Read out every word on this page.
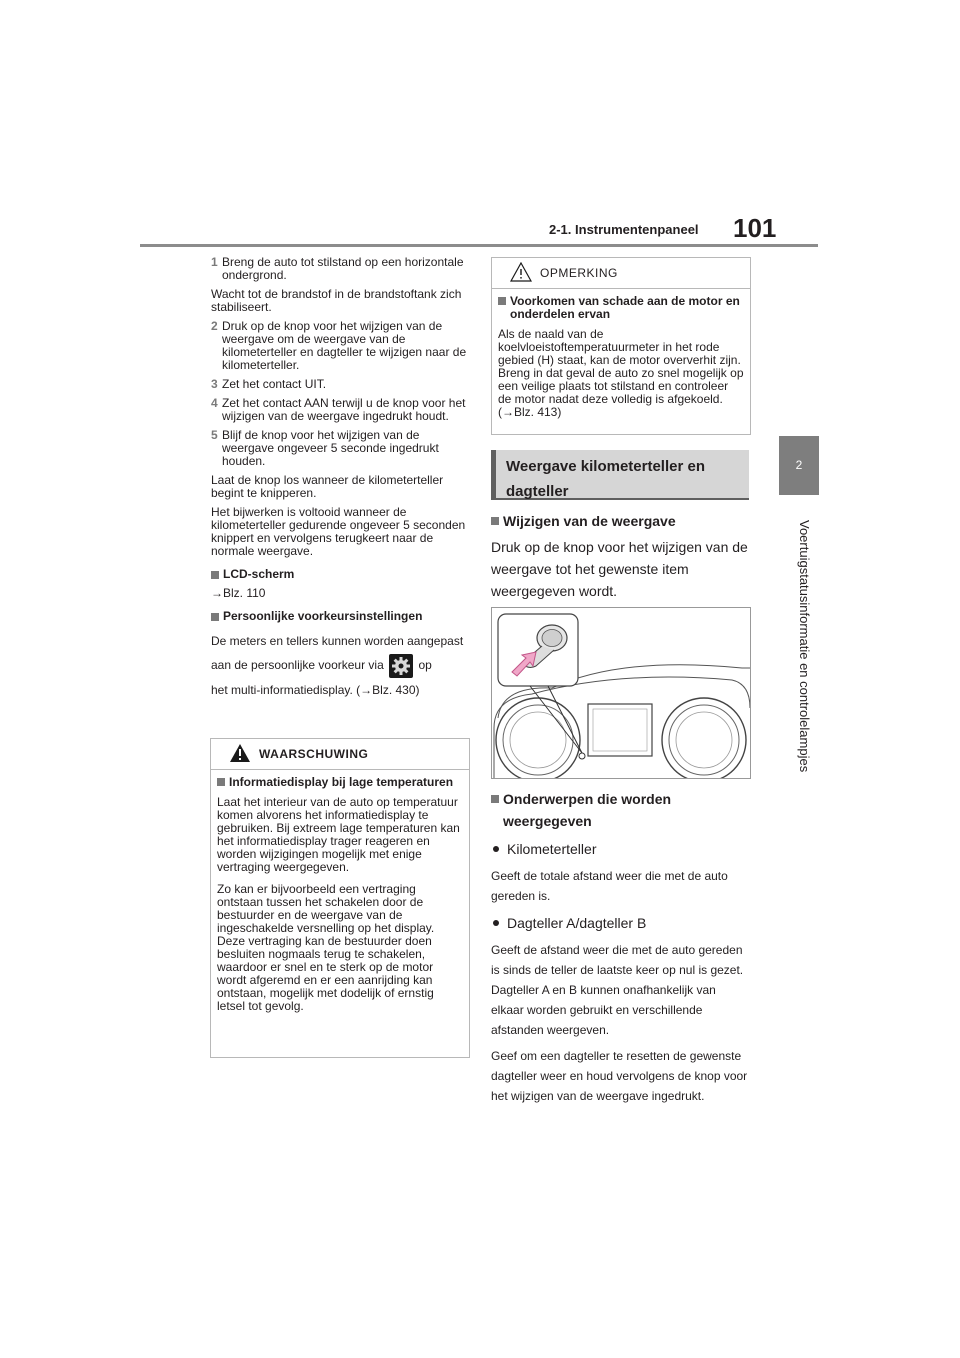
2-1. Instrumentenpaneel 101
2
Voertuigstatusinformatie en controlelampjes
1 Breng de auto tot stilstand op een horizontale ondergrond.

Wacht tot de brandstof in de brandstoftank zich stabiliseert.

2 Druk op de knop voor het wijzigen van de weergave om de weergave van de kilometerteller en dagteller te wijzigen naar de kilometerteller.
3 Zet het contact UIT.
4 Zet het contact AAN terwijl u de knop voor het wijzigen van de weergave ingedrukt houdt.
5 Blijf de knop voor het wijzigen van de weergave ongeveer 5 seconde ingedrukt houden.

Laat de knop los wanneer de kilometerteller begint te knipperen.

Het bijwerken is voltooid wanneer de kilometerteller gedurende ongeveer 5 seconden knippert en vervolgens terugkeert naar de normale weergave.

LCD-scherm

→Blz. 110

Persoonlijke voorkeursinstellingen

De meters en tellers kunnen worden aangepast aan de persoonlijke voorkeur via	op
het multi-informatiedisplay. (→Blz. 430)

WAARSCHUWING
Informatiedisplay bij lage temperaturen

Laat het interieur van de auto op temperatuur komen alvorens het informatiedisplay te gebruiken. Bij extreem lage temperaturen kan het informatiedisplay trager reageren en worden wijzigingen mogelijk met enige vertraging weergegeven.

Zo kan er bijvoorbeeld een vertraging ontstaan tussen het schakelen door de bestuurder en de weergave van de ingeschakelde versnelling op het display. Deze vertraging kan de bestuurder doen besluiten nogmaals terug te schakelen, waardoor er snel en te sterk op de motor wordt afgeremd en er een aanrijding kan ontstaan, mogelijk met dodelijk of ernstig letsel tot gevolg.

OPMERKING
Voorkomen van schade aan de motor en onderdelen ervan

Als de naald van de koelvloeistoftemperatuurmeter in het rode gebied (H) staat, kan de motor oververhit zijn. Breng in dat geval de auto zo snel mogelijk op een veilige plaats tot stilstand en controleer de motor nadat deze volledig is afgekoeld.

(→Blz. 413)

Weergave kilometerteller en dagteller
Wijzigen van de weergave

Druk op de knop voor het wijzigen van de weergave tot het gewenste item weergegeven wordt.

Onderwerpen die worden weergegeven
Kilometerteller

Geeft de totale afstand weer die met de auto gereden is.

Dagteller A/dagteller B

Geeft de afstand weer die met de auto gereden is sinds de teller de laatste keer op nul is gezet. Dagteller A en B kunnen onafhankelijk van elkaar worden gebruikt en verschillende afstanden weergeven.

Geef om een dagteller te resetten de gewenste dagteller weer en houd vervolgens de knop voor het wijzigen van de weergave ingedrukt.
